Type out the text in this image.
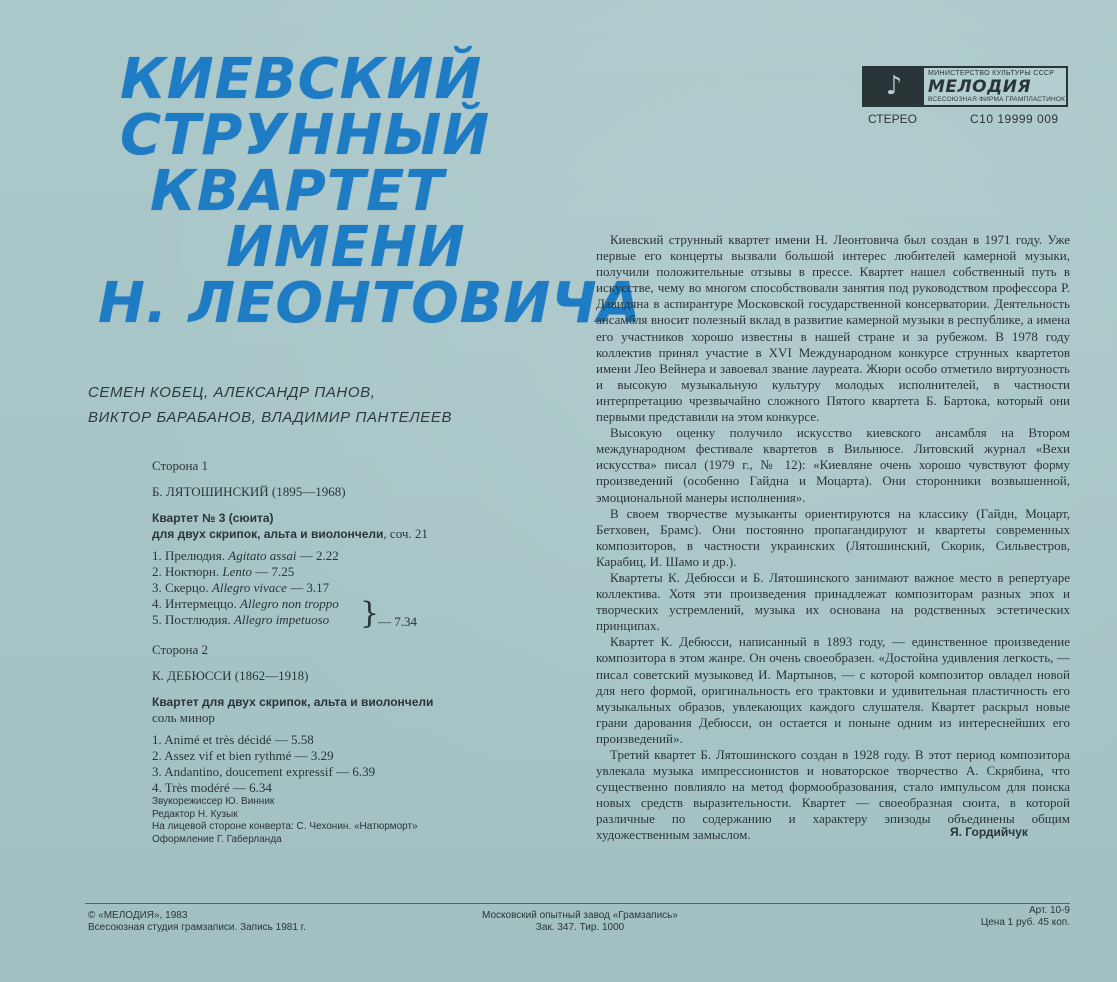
КИЕВСКИЙ
СТРУННЫЙ
КВАРТЕТ
ИМЕНИ
Н. ЛЕОНТОВИЧА
СЕМЕН КОБЕЦ, АЛЕКСАНДР ПАНОВ,
ВИКТОР БАРАБАНОВ, ВЛАДИМИР ПАНТЕЛЕЕВ
Сторона 1
Б. ЛЯТОШИНСКИЙ (1895—1968)
Квартет № 3 (сюита)
для двух скрипок, альта и виолончели, соч. 21
1. Прелюдия. Agitato assai — 2.22
2. Ноктюрн. Lento — 7.25
3. Скерцо. Allegro vivace — 3.17
4. Интермеццо. Allegro non troppo
5. Постлюдия. Allegro impetuoso }
— 7.34
Сторона 2
К. ДЕБЮССИ (1862—1918)
Квартет для двух скрипок, альта и виолончели
соль минор
1. Animé et très décidé — 5.58
2. Assez vif et bien rythmé — 3.29
3. Andantino, doucement expressif — 6.39
4. Très modéré — 6.34
Звукорежиссер Ю. Винник
Редактор Н. Кузык
На лицевой стороне конверта: С. Чехонин. «Натюрморт»
Оформление Г. Габерланда
♪	МИНИСТЕРСТВО КУЛЬТУРЫ СССР
МЕЛОДИЯ
ВСЕСОЮЗНАЯ ФИРМА ГРАМПЛАСТИНОК
СТЕРЕО	С10 19999 009

Киевский струнный квартет имени Н. Леонтовича был создан в 1971 году. Уже первые его концерты вызвали большой интерес любителей камерной музыки, получили положительные отзывы в прессе. Квартет нашел собственный путь в искусстве, чему во многом способствовали занятия под руководством профессора Р. Давидяна в аспирантуре Московской государственной консерватории. Деятельность ансамбля вносит полезный вклад в развитие камерной музыки в республике, а имена его участников хорошо известны в нашей стране и за рубежом. В 1978 году коллектив принял участие в XVI Международном конкурсе струнных квартетов имени Лео Вейнера и завоевал звание лауреата. Жюри особо отметило виртуозность и высокую музыкальную культуру молодых исполнителей, в частности интерпретацию чрезвычайно сложного Пятого квартета Б. Бартока, который они первыми представили на этом конкурсе.

Высокую оценку получило искусство киевского ансамбля на Втором международном фестивале квартетов в Вильнюсе. Литовский журнал «Вехи искусства» писал (1979 г., № 12): «Киевляне очень хорошо чувствуют форму произведений (особенно Гайдна и Моцарта). Они сторонники возвышенной, эмоциональной манеры исполнения».

В своем творчестве музыканты ориентируются на классику (Гайдн, Моцарт, Бетховен, Брамс). Они постоянно пропагандируют и квартеты современных композиторов, в частности украинских (Лятошинский, Скорик, Сильвестров, Карабиц, И. Шамо и др.).

Квартеты К. Дебюсси и Б. Лятошинского занимают важное место в репертуаре коллектива. Хотя эти произведения принадлежат композиторам разных эпох и творческих устремлений, музыка их основана на родственных эстетических принципах.

Квартет К. Дебюсси, написанный в 1893 году, — единственное произведение композитора в этом жанре. Он очень своеобразен. «Достойна удивления легкость, — писал советский музыковед И. Мартынов, — с которой композитор овладел новой для него формой, оригинальность его трактовки и удивительная пластичность его музыкальных образов, увлекающих каждого слушателя. Квартет раскрыл новые грани дарования Дебюсси, он остается и поныне одним из интереснейших его произведений».

Третий квартет Б. Лятошинского создан в 1928 году. В этот период композитора увлекала музыка импрессионистов и новаторское творчество А. Скрябина, что существенно повлияло на метод формообразования, стало импульсом для поиска новых средств выразительности. Квартет — своеобразная сюита, в которой различные по содержанию и характеру эпизоды объединены общим художественным замыслом.	Я. Гордийчук
© «МЕЛОДИЯ», 1983
Всесоюзная студия грамзаписи. Запись 1981 г.
Московский опытный завод «Грамзапись»
Зак. 347. Тир. 1000
Арт. 10-9
Цена 1 руб. 45 коп.
